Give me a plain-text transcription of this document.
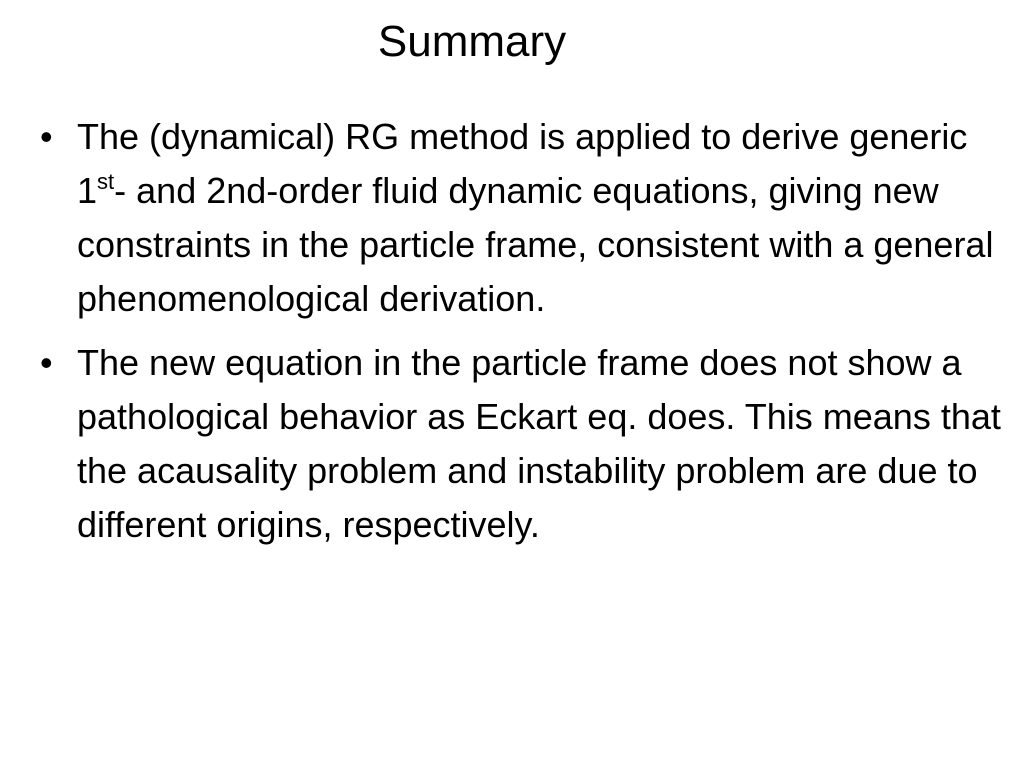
Summary
• The (dynamical) RG method is applied to derive generic 1st- and 2nd-order fluid dynamic equations, giving new constraints in the particle frame, consistent with a general phenomenological derivation.
• The new equation in the particle frame does not show a pathological behavior as Eckart eq. does. This means that the acausality problem and instability problem are due to different origins, respectively.
